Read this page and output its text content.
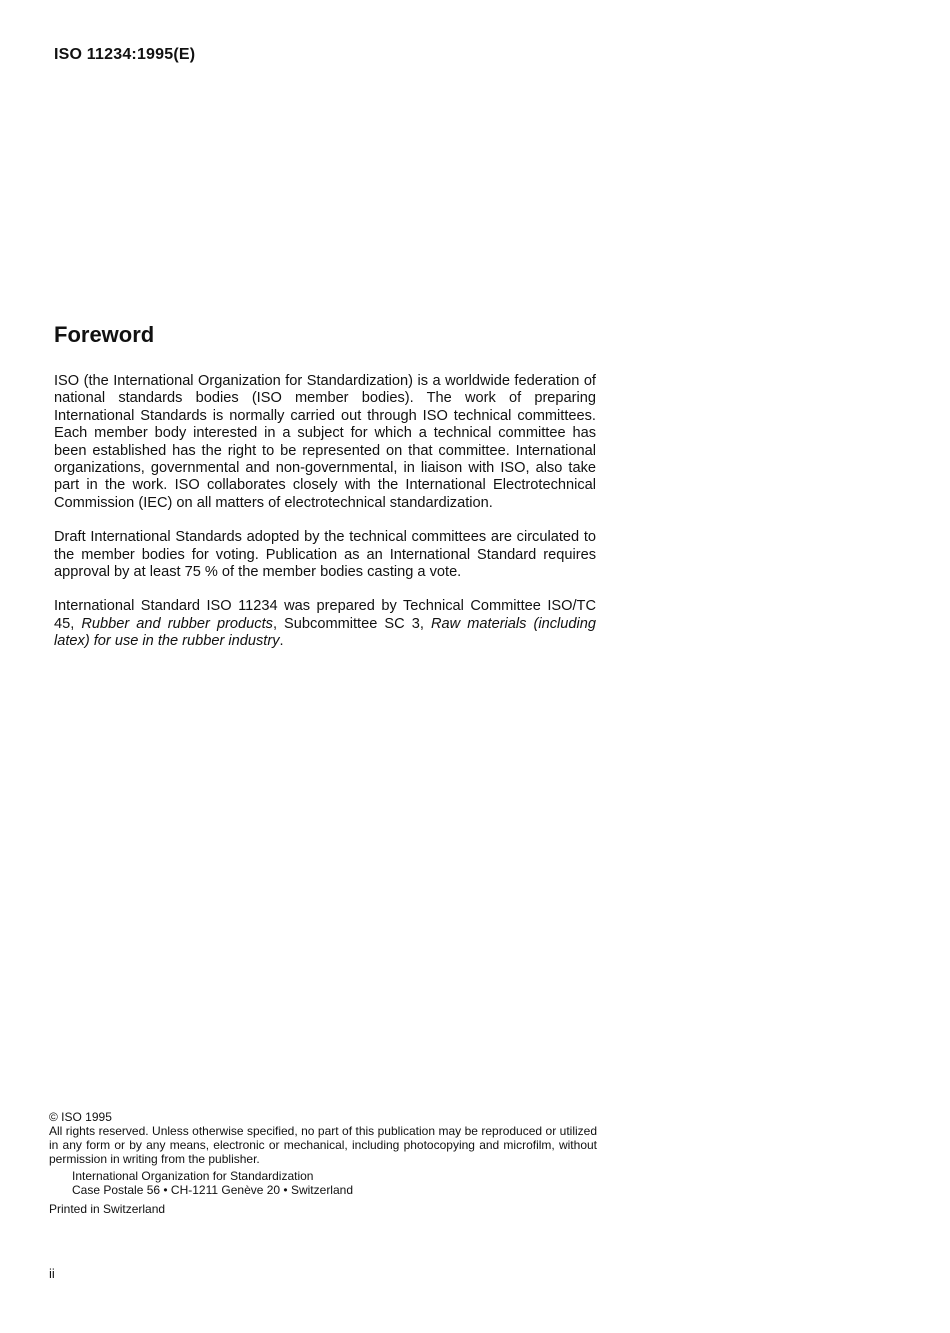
ISO 11234:1995(E)
Foreword

ISO (the International Organization for Standardization) is a worldwide federation of national standards bodies (ISO member bodies). The work of preparing International Standards is normally carried out through ISO technical committees. Each member body interested in a subject for which a technical committee has been established has the right to be represented on that committee. International organizations, governmental and non-governmental, in liaison with ISO, also take part in the work. ISO collaborates closely with the International Electrotechnical Commission (IEC) on all matters of electrotechnical standardization.

Draft International Standards adopted by the technical committees are circulated to the member bodies for voting. Publication as an International Standard requires approval by at least 75 % of the member bodies casting a vote.

International Standard ISO 11234 was prepared by Technical Committee ISO/TC 45, Rubber and rubber products, Subcommittee SC 3, Raw materials (including latex) for use in the rubber industry.

© ISO 1995

All rights reserved. Unless otherwise specified, no part of this publication may be reproduced or utilized in any form or by any means, electronic or mechanical, including photocopying and microfilm, without permission in writing from the publisher.

International Organization for Standardization

Case Postale 56 • CH-1211 Genève 20 • Switzerland

Printed in Switzerland

ii
